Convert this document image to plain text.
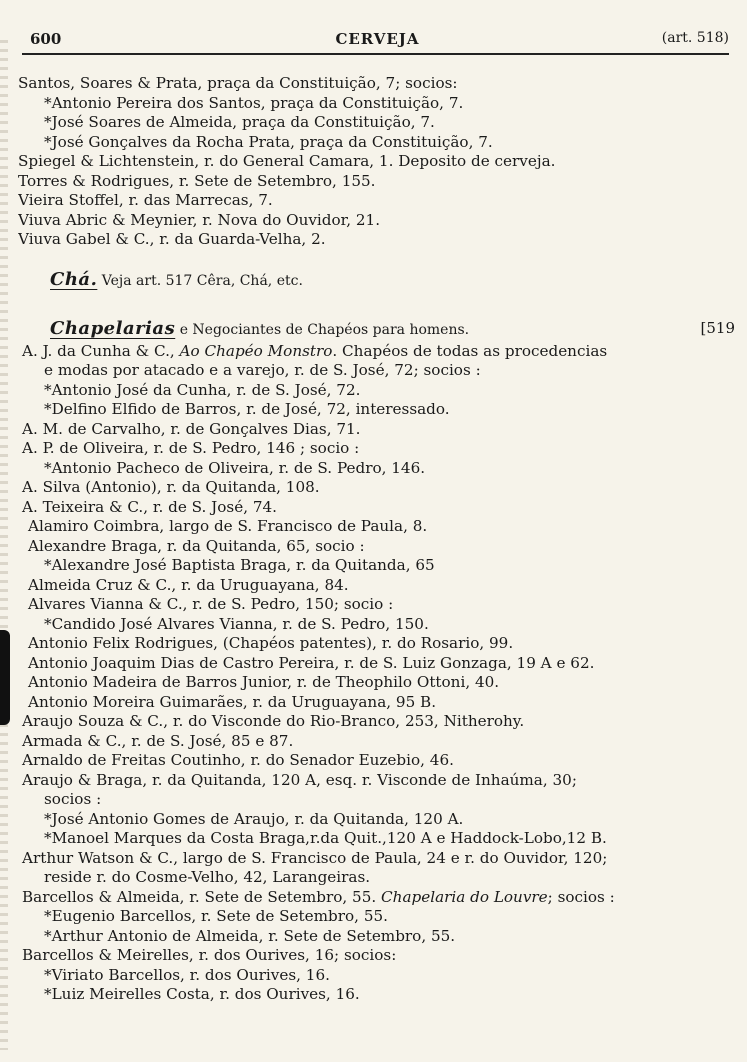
600	CERVEJA	(art. 518)
Santos, Soares & Prata, praça da Constituição, 7; socios:
*Antonio Pereira dos Santos, praça da Constituição, 7.
*José Soares de Almeida, praça da Constituição, 7.
*José Gonçalves da Rocha Prata, praça da Constituição, 7.
Spiegel & Lichtenstein, r. do General Camara, 1. Deposito de cerveja.
Torres & Rodrigues, r. Sete de Setembro, 155.
Vieira Stoffel, r. das Marrecas, 7.
Viuva Abric & Meynier, r. Nova do Ouvidor, 21.
Viuva Gabel & C., r. da Guarda-Velha, 2.
Chá. Veja art. 517 Cêra, Chá, etc.
Chapelarias e Negociantes de Chapéos para homens.	[519
A. J. da Cunha & C., Ao Chapéo Monstro. Chapéos de todas as procedencias
e modas por atacado e a varejo, r. de S. José, 72; socios :
*Antonio José da Cunha, r. de S. José, 72.
*Delfino Elfido de Barros, r. de José, 72, interessado.
A. M. de Carvalho, r. de Gonçalves Dias, 71.
A. P. de Oliveira, r. de S. Pedro, 146 ; socio :
*Antonio Pacheco de Oliveira, r. de S. Pedro, 146.
A. Silva (Antonio), r. da Quitanda, 108.
A. Teixeira & C., r. de S. José, 74.
Alamiro Coimbra, largo de S. Francisco de Paula, 8.
Alexandre Braga, r. da Quitanda, 65, socio :
*Alexandre José Baptista Braga, r. da Quitanda, 65
Almeida Cruz & C., r. da Uruguayana, 84.
Alvares Vianna & C., r. de S. Pedro, 150; socio :
*Candido José Alvares Vianna, r. de S. Pedro, 150.
Antonio Felix Rodrigues, (Chapéos patentes), r. do Rosario, 99.
Antonio Joaquim Dias de Castro Pereira, r. de S. Luiz Gonzaga, 19 A e 62.
Antonio Madeira de Barros Junior, r. de Theophilo Ottoni, 40.
Antonio Moreira Guimarães, r. da Uruguayana, 95 B.
Araujo Souza & C., r. do Visconde do Rio-Branco, 253, Nitherohy.
Armada & C., r. de S. José, 85 e 87.
Arnaldo de Freitas Coutinho, r. do Senador Euzebio, 46.
Araujo & Braga, r. da Quitanda, 120 A, esq. r. Visconde de Inhaúma, 30;
socios :
*José Antonio Gomes de Araujo, r. da Quitanda, 120 A.
*Manoel Marques da Costa Braga,r.da Quit.,120 A e Haddock-Lobo,12 B.
Arthur Watson & C., largo de S. Francisco de Paula, 24 e r. do Ouvidor, 120;
reside r. do Cosme-Velho, 42, Larangeiras.
Barcellos & Almeida, r. Sete de Setembro, 55. Chapelaria do Louvre; socios :
*Eugenio Barcellos, r. Sete de Setembro, 55.
*Arthur Antonio de Almeida, r. Sete de Setembro, 55.
Barcellos & Meirelles, r. dos Ourives, 16; socios:
*Viriato Barcellos, r. dos Ourives, 16.
*Luiz Meirelles Costa, r. dos Ourives, 16.
